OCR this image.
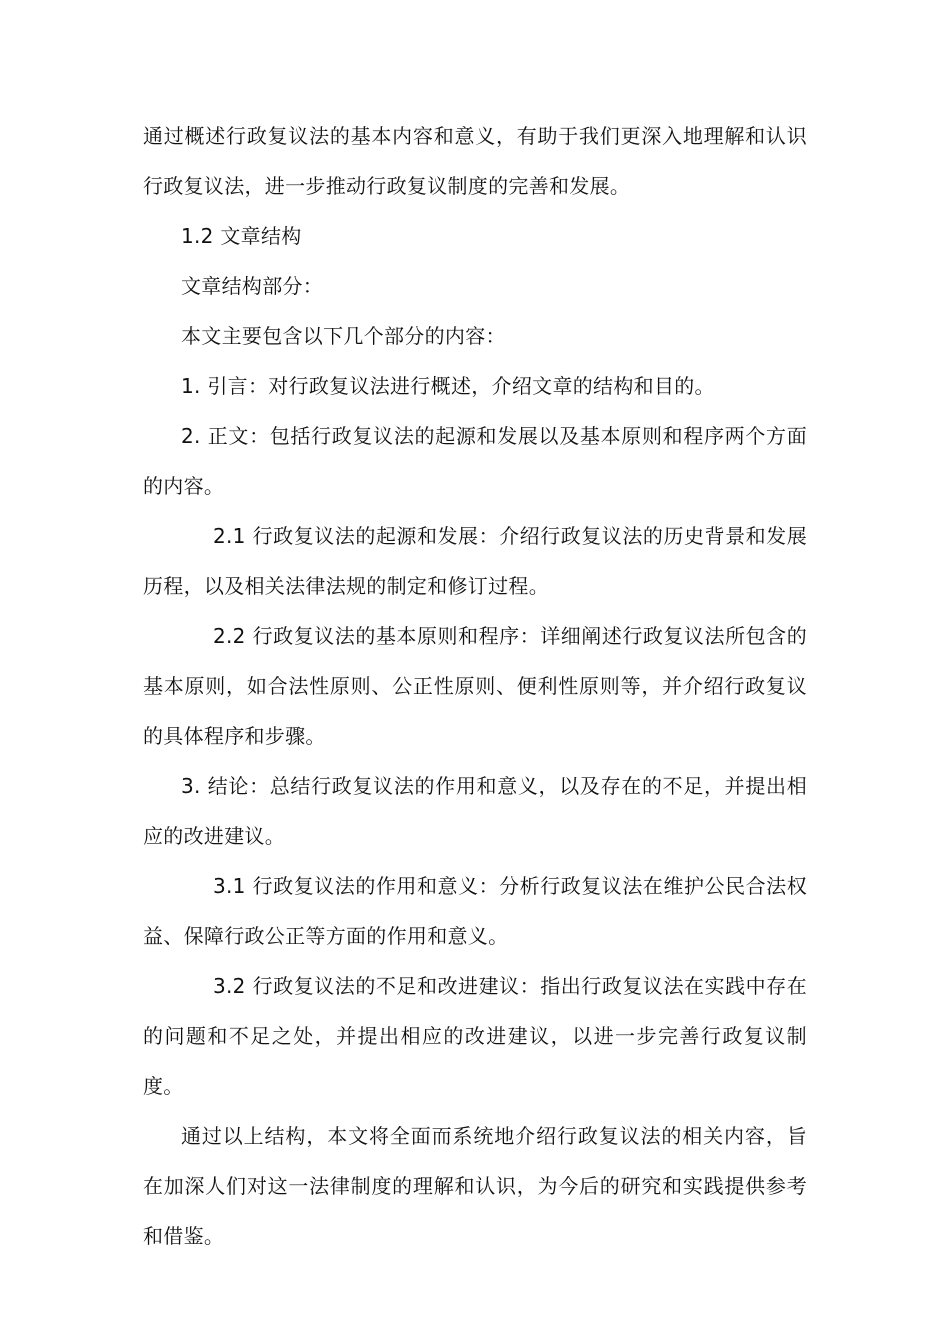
通过概述行政复议法的基本内容和意义，有助于我们更深入地理解和认识行政复议法，进一步推动行政复议制度的完善和发展。

1.2 文章结构

文章结构部分：

本文主要包含以下几个部分的内容：

1. 引言：对行政复议法进行概述，介绍文章的结构和目的。

2. 正文：包括行政复议法的起源和发展以及基本原则和程序两个方面的内容。

2.1 行政复议法的起源和发展：介绍行政复议法的历史背景和发展历程，以及相关法律法规的制定和修订过程。

2.2 行政复议法的基本原则和程序：详细阐述行政复议法所包含的基本原则，如合法性原则、公正性原则、便利性原则等，并介绍行政复议的具体程序和步骤。

3. 结论：总结行政复议法的作用和意义，以及存在的不足，并提出相应的改进建议。

3.1 行政复议法的作用和意义：分析行政复议法在维护公民合法权益、保障行政公正等方面的作用和意义。

3.2 行政复议法的不足和改进建议：指出行政复议法在实践中存在的问题和不足之处，并提出相应的改进建议，以进一步完善行政复议制度。

通过以上结构，本文将全面而系统地介绍行政复议法的相关内容，旨在加深人们对这一法律制度的理解和认识，为今后的研究和实践提供参考和借鉴。
